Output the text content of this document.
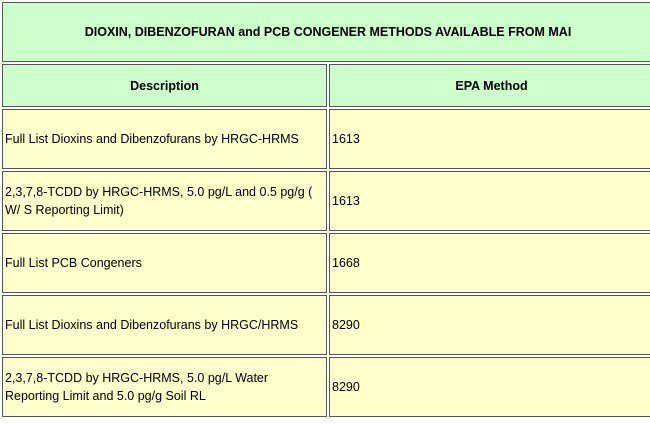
DIOXIN, DIBENZOFURAN and PCB CONGENER METHODS AVAILABLE FROM MAI	
Description	EPA Method
Full List Dioxins and Dibenzofurans by HRGC-HRMS	1613
2,3,7,8-TCDD by HRGC-HRMS, 5.0 pg/L and 0.5 pg/g ( W/ S Reporting Limit)	1613
Full List PCB Congeners	1668
Full List Dioxins and Dibenzofurans by HRGC/HRMS	8290
2,3,7,8-TCDD by HRGC-HRMS, 5.0 pg/L Water Reporting Limit and 5.0 pg/g Soil RL	8290
